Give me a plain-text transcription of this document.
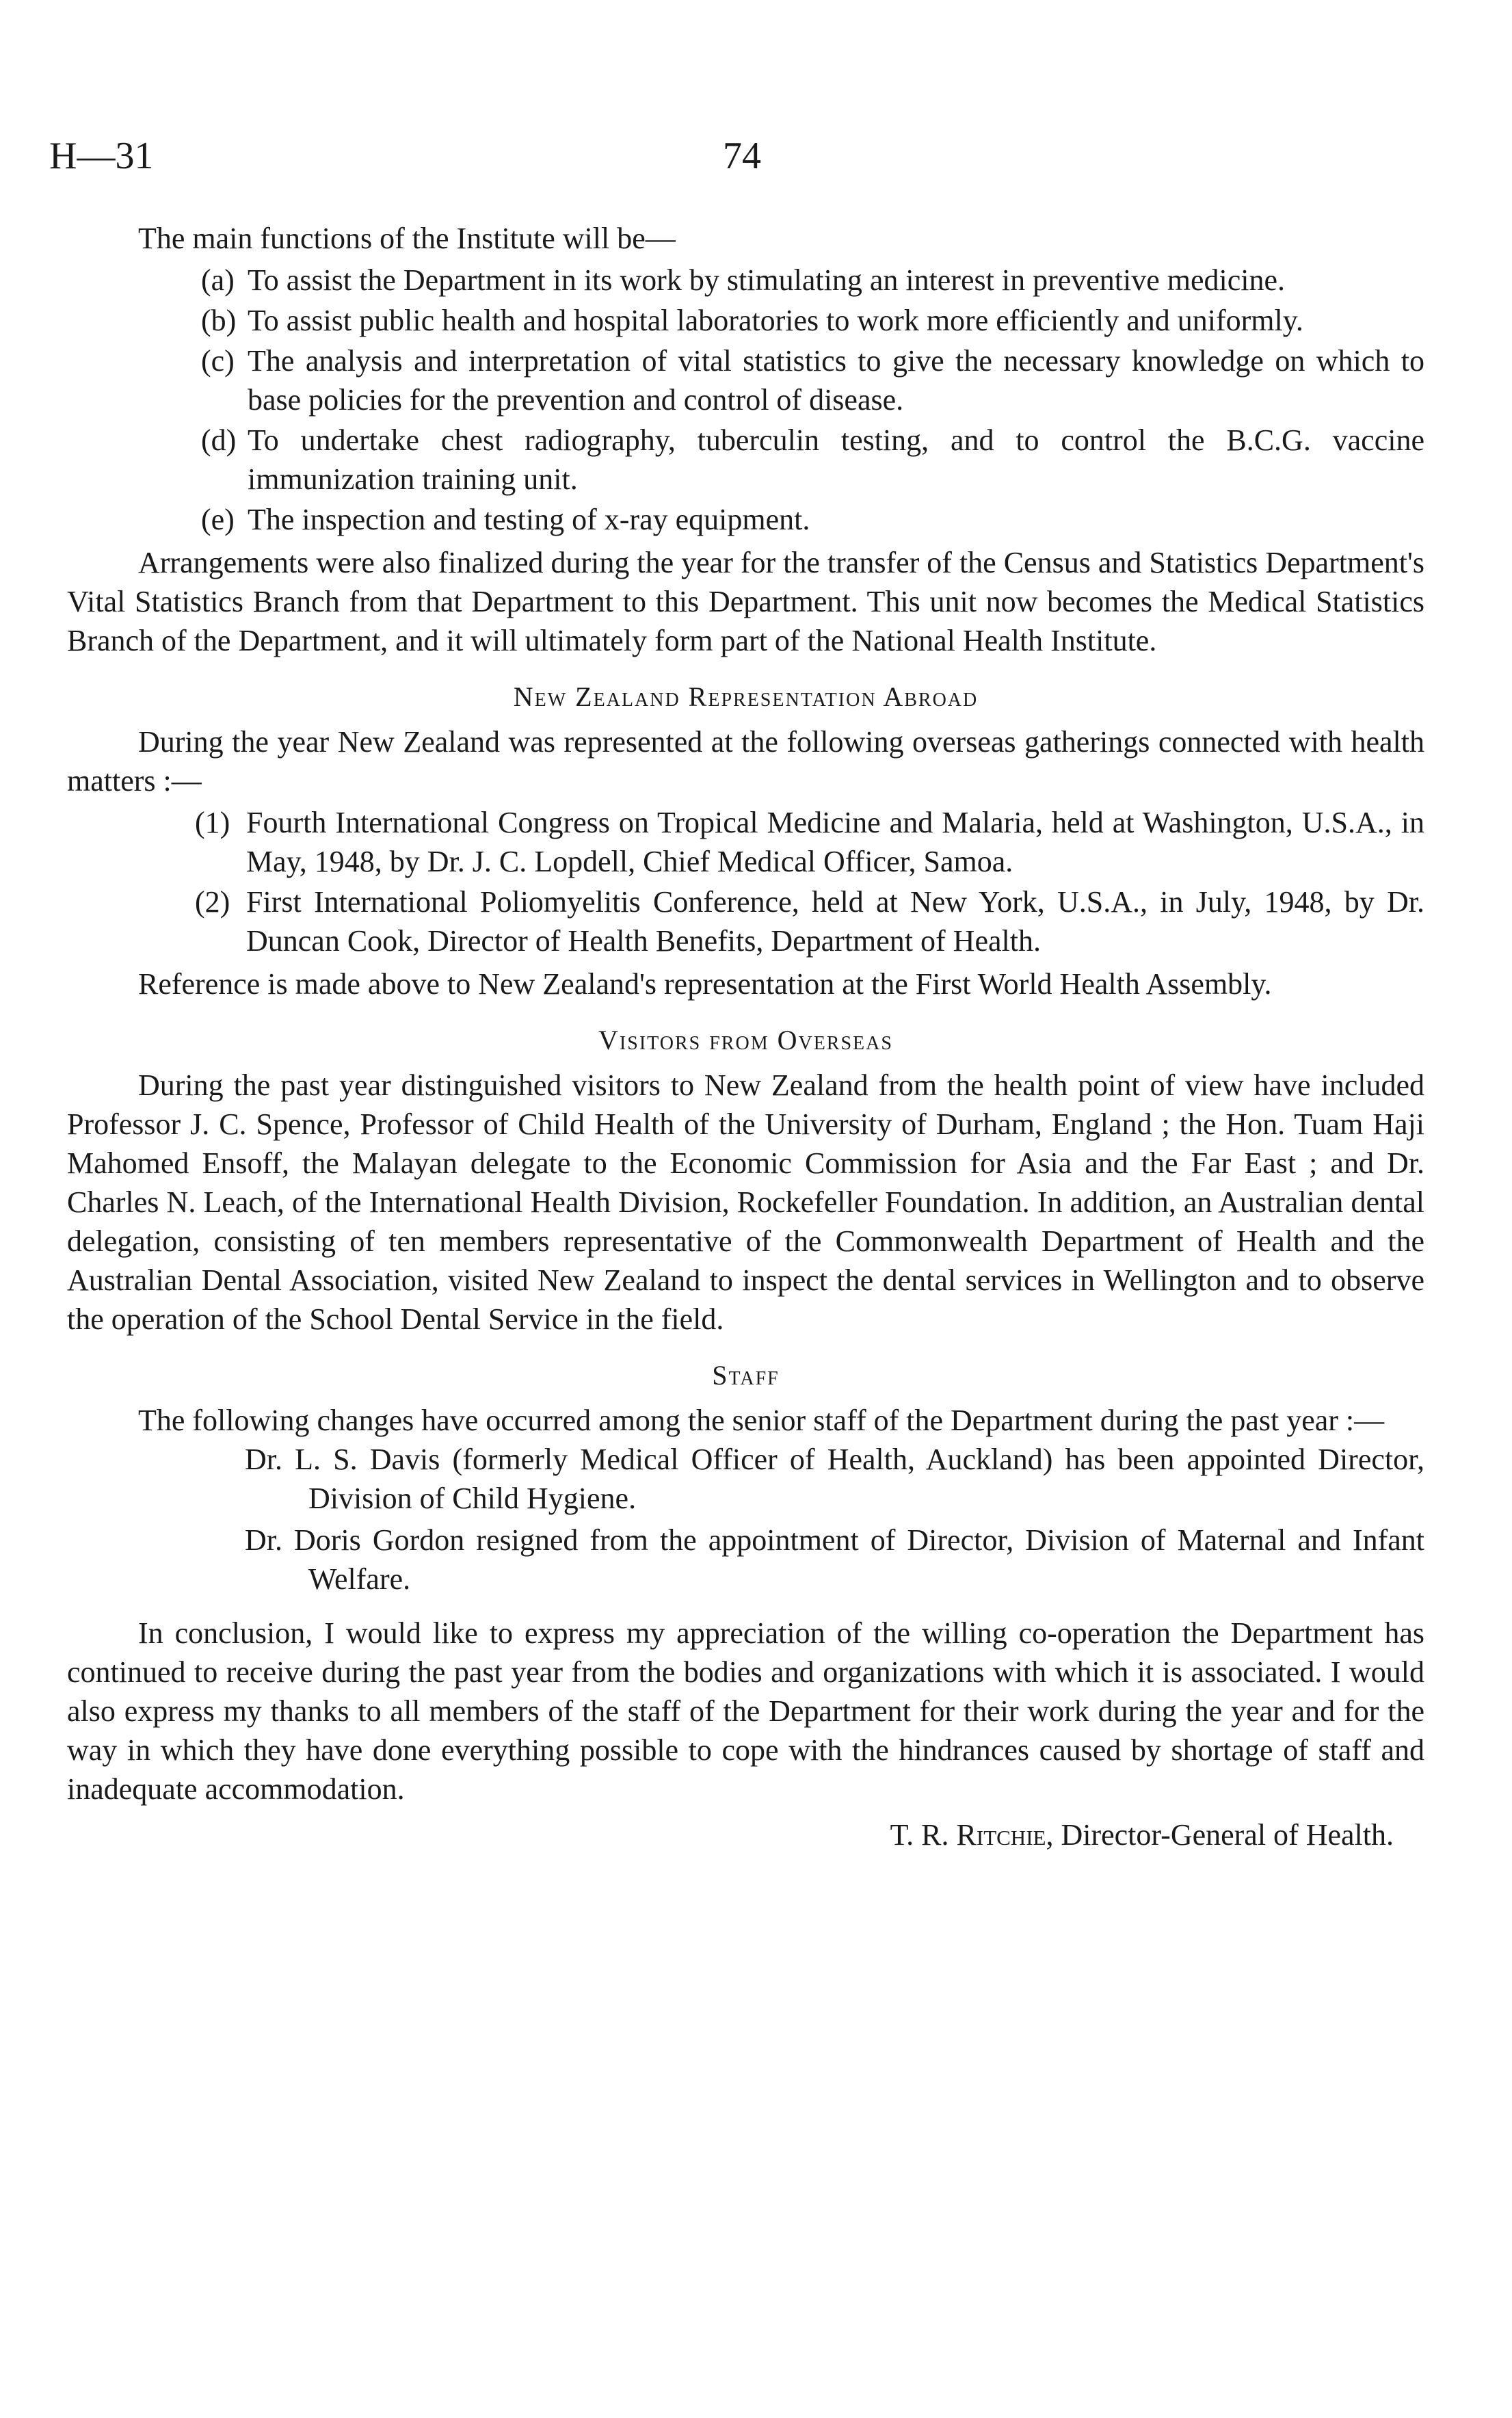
H—31	74

The main functions of the Institute will be—

(a) To assist the Department in its work by stimulating an interest in preventive medicine.
(b) To assist public health and hospital laboratories to work more efficiently and uniformly.
(c) The analysis and interpretation of vital statistics to give the necessary knowledge on which to base policies for the prevention and control of disease.
(d) To undertake chest radiography, tuberculin testing, and to control the B.C.G. vaccine immunization training unit.
(e) The inspection and testing of x-ray equipment.

Arrangements were also finalized during the year for the transfer of the Census and Statistics Department's Vital Statistics Branch from that Department to this Department. This unit now becomes the Medical Statistics Branch of the Department, and it will ultimately form part of the National Health Institute.

New Zealand Representation Abroad

During the year New Zealand was represented at the following overseas gatherings connected with health matters :—

(1) Fourth International Congress on Tropical Medicine and Malaria, held at Washington, U.S.A., in May, 1948, by Dr. J. C. Lopdell, Chief Medical Officer, Samoa.
(2) First International Poliomyelitis Conference, held at New York, U.S.A., in July, 1948, by Dr. Duncan Cook, Director of Health Benefits, Department of Health.

Reference is made above to New Zealand's representation at the First World Health Assembly.

Visitors from Overseas

During the past year distinguished visitors to New Zealand from the health point of view have included Professor J. C. Spence, Professor of Child Health of the University of Durham, England ; the Hon. Tuam Haji Mahomed Ensoff, the Malayan delegate to the Economic Commission for Asia and the Far East ; and Dr. Charles N. Leach, of the International Health Division, Rockefeller Foundation. In addition, an Australian dental delegation, consisting of ten members representative of the Commonwealth Department of Health and the Australian Dental Association, visited New Zealand to inspect the dental services in Wellington and to observe the operation of the School Dental Service in the field.

Staff

The following changes have occurred among the senior staff of the Department during the past year :—

Dr. L. S. Davis (formerly Medical Officer of Health, Auckland) has been appointed Director, Division of Child Hygiene.

Dr. Doris Gordon resigned from the appointment of Director, Division of Maternal and Infant Welfare.

In conclusion, I would like to express my appreciation of the willing co-operation the Department has continued to receive during the past year from the bodies and organizations with which it is associated. I would also express my thanks to all members of the staff of the Department for their work during the year and for the way in which they have done everything possible to cope with the hindrances caused by shortage of staff and inadequate accommodation.

T. R. Ritchie, Director-General of Health.
